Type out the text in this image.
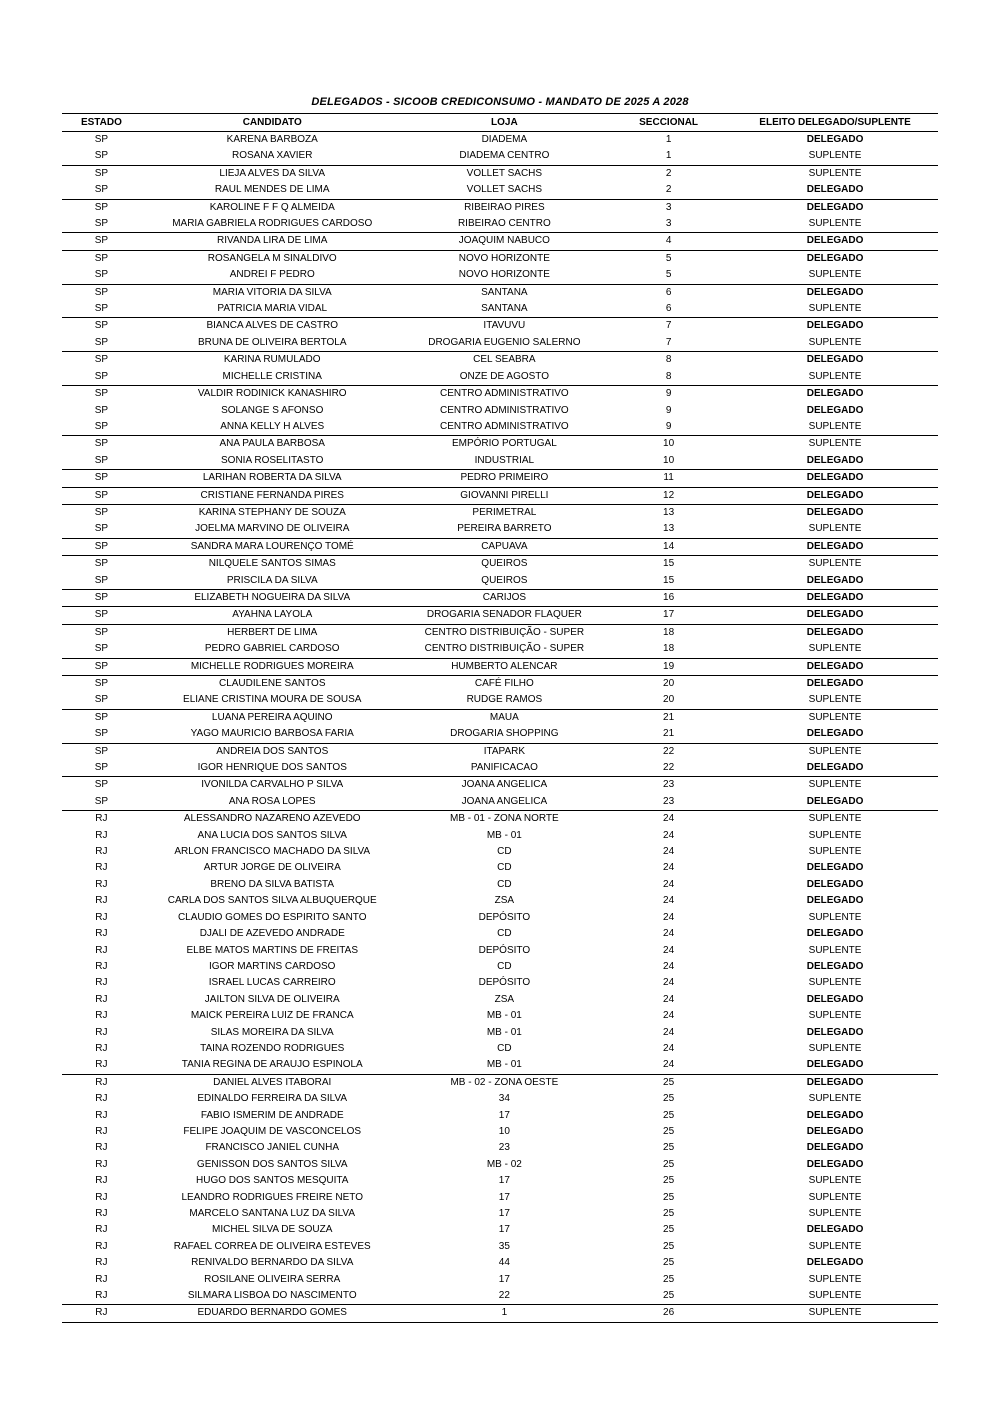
DELEGADOS - SICOOB CREDICONSUMO - MANDATO DE 2025 A 2028
ESTADO	CANDIDATO	LOJA	SECCIONAL	ELEITO DELEGADO/SUPLENTE
SP	KARENA BARBOZA	DIADEMA	1	DELEGADO
SP	ROSANA XAVIER	DIADEMA CENTRO	1	SUPLENTE
SP	LIEJA ALVES DA SILVA	VOLLET SACHS	2	SUPLENTE
SP	RAUL MENDES DE LIMA	VOLLET SACHS	2	DELEGADO
SP	KAROLINE F F Q ALMEIDA	RIBEIRAO PIRES	3	DELEGADO
SP	MARIA GABRIELA RODRIGUES CARDOSO	RIBEIRAO CENTRO	3	SUPLENTE
SP	RIVANDA LIRA DE LIMA	JOAQUIM NABUCO	4	DELEGADO
SP	ROSANGELA M SINALDIVO	NOVO HORIZONTE	5	DELEGADO
SP	ANDREI F PEDRO	NOVO HORIZONTE	5	SUPLENTE
SP	MARIA VITORIA DA SILVA	SANTANA	6	DELEGADO
SP	PATRICIA MARIA VIDAL	SANTANA	6	SUPLENTE
SP	BIANCA ALVES DE CASTRO	ITAVUVU	7	DELEGADO
SP	BRUNA DE OLIVEIRA BERTOLA	DROGARIA EUGENIO SALERNO	7	SUPLENTE
SP	KARINA RUMULADO	CEL SEABRA	8	DELEGADO
SP	MICHELLE CRISTINA	ONZE DE AGOSTO	8	SUPLENTE
SP	VALDIR RODINICK KANASHIRO	CENTRO ADMINISTRATIVO	9	DELEGADO
SP	SOLANGE S AFONSO	CENTRO ADMINISTRATIVO	9	DELEGADO
SP	ANNA KELLY H ALVES	CENTRO ADMINISTRATIVO	9	SUPLENTE
SP	ANA PAULA BARBOSA	EMPÓRIO PORTUGAL	10	SUPLENTE
SP	SONIA ROSELITASTO	INDUSTRIAL	10	DELEGADO
SP	LARIHAN ROBERTA DA SILVA	PEDRO PRIMEIRO	11	DELEGADO
SP	CRISTIANE FERNANDA PIRES	GIOVANNI PIRELLI	12	DELEGADO
SP	KARINA STEPHANY DE SOUZA	PERIMETRAL	13	DELEGADO
SP	JOELMA MARVINO DE OLIVEIRA	PEREIRA BARRETO	13	SUPLENTE
SP	SANDRA MARA LOURENÇO TOMÉ	CAPUAVA	14	DELEGADO
SP	NILQUELE SANTOS SIMAS	QUEIROS	15	SUPLENTE
SP	PRISCILA DA SILVA	QUEIROS	15	DELEGADO
SP	ELIZABETH NOGUEIRA DA SILVA	CARIJOS	16	DELEGADO
SP	AYAHNA LAYOLA	DROGARIA SENADOR FLAQUER	17	DELEGADO
SP	HERBERT DE LIMA	CENTRO DISTRIBUIÇÃO - SUPER	18	DELEGADO
SP	PEDRO GABRIEL CARDOSO	CENTRO DISTRIBUIÇÃO - SUPER	18	SUPLENTE
SP	MICHELLE RODRIGUES MOREIRA	HUMBERTO ALENCAR	19	DELEGADO
SP	CLAUDILENE SANTOS	CAFÉ FILHO	20	DELEGADO
SP	ELIANE CRISTINA MOURA DE SOUSA	RUDGE RAMOS	20	SUPLENTE
SP	LUANA PEREIRA AQUINO	MAUA	21	SUPLENTE
SP	YAGO MAURICIO BARBOSA FARIA	DROGARIA SHOPPING	21	DELEGADO
SP	ANDREIA DOS SANTOS	ITAPARK	22	SUPLENTE
SP	IGOR HENRIQUE DOS SANTOS	PANIFICACAO	22	DELEGADO
SP	IVONILDA CARVALHO P SILVA	JOANA ANGELICA	23	SUPLENTE
SP	ANA ROSA LOPES	JOANA ANGELICA	23	DELEGADO
RJ	ALESSANDRO NAZARENO AZEVEDO	MB - 01 - ZONA NORTE	24	SUPLENTE
RJ	ANA LUCIA DOS SANTOS SILVA	MB - 01	24	SUPLENTE
RJ	ARLON FRANCISCO MACHADO DA SILVA	CD	24	SUPLENTE
RJ	ARTUR JORGE DE OLIVEIRA	CD	24	DELEGADO
RJ	BRENO DA SILVA BATISTA	CD	24	DELEGADO
RJ	CARLA DOS SANTOS SILVA ALBUQUERQUE	ZSA	24	DELEGADO
RJ	CLAUDIO GOMES DO ESPIRITO SANTO	DEPÓSITO	24	SUPLENTE
RJ	DJALI DE AZEVEDO ANDRADE	CD	24	DELEGADO
RJ	ELBE MATOS MARTINS DE FREITAS	DEPÓSITO	24	SUPLENTE
RJ	IGOR MARTINS CARDOSO	CD	24	DELEGADO
RJ	ISRAEL LUCAS CARREIRO	DEPÓSITO	24	SUPLENTE
RJ	JAILTON SILVA DE OLIVEIRA	ZSA	24	DELEGADO
RJ	MAICK PEREIRA LUIZ DE FRANCA	MB - 01	24	SUPLENTE
RJ	SILAS MOREIRA DA SILVA	MB - 01	24	DELEGADO
RJ	TAINA ROZENDO RODRIGUES	CD	24	SUPLENTE
RJ	TANIA REGINA DE ARAUJO ESPINOLA	MB - 01	24	DELEGADO
RJ	DANIEL ALVES ITABORAI	MB - 02 - ZONA OESTE	25	DELEGADO
RJ	EDINALDO FERREIRA DA SILVA	34	25	SUPLENTE
RJ	FABIO ISMERIM DE ANDRADE	17	25	DELEGADO
RJ	FELIPE JOAQUIM DE VASCONCELOS	10	25	DELEGADO
RJ	FRANCISCO JANIEL CUNHA	23	25	DELEGADO
RJ	GENISSON DOS SANTOS SILVA	MB - 02	25	DELEGADO
RJ	HUGO DOS SANTOS MESQUITA	17	25	SUPLENTE
RJ	LEANDRO RODRIGUES FREIRE NETO	17	25	SUPLENTE
RJ	MARCELO SANTANA LUZ DA SILVA	17	25	SUPLENTE
RJ	MICHEL SILVA DE SOUZA	17	25	DELEGADO
RJ	RAFAEL CORREA DE OLIVEIRA ESTEVES	35	25	SUPLENTE
RJ	RENIVALDO BERNARDO DA SILVA	44	25	DELEGADO
RJ	ROSILANE OLIVEIRA SERRA	17	25	SUPLENTE
RJ	SILMARA LISBOA DO NASCIMENTO	22	25	SUPLENTE
RJ	EDUARDO BERNARDO GOMES	1	26	SUPLENTE
